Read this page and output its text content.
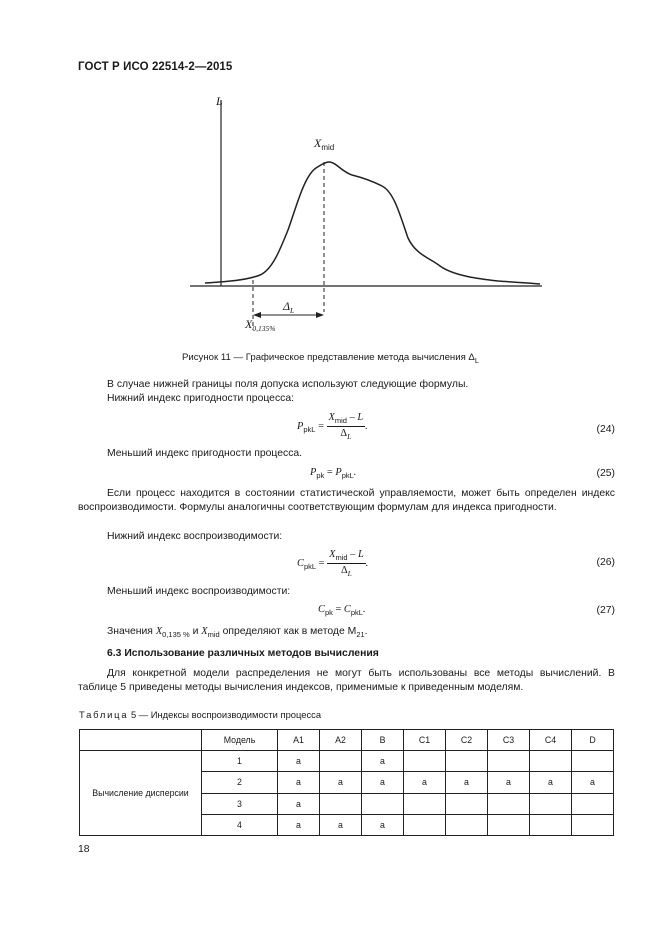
ГОСТ Р ИСО 22514-2—2015
L
$X_{mid}$
$\Delta_L$
$X_{0,135\%}$
Рисунок 11 — Графическое представление метода вычисления $\Delta_L$
В случае нижней границы поля допуска используют следующие формулы.
Нижний индекс пригодности процесса:
$P_{pkL} = \frac{X_{mid} - L}{\Delta_L}$ .	(24)
Меньший индекс пригодности процесса.
$P_{pk} = P_{pkL}$.	(25)
Если процесс находится в состоянии статистической управляемости, может быть определен индекс воспроизводимости. Формулы аналогичны соответствующим формулам для индекса пригодности.
Нижний индекс воспроизводимости:
$C_{pkL} = \frac{X_{mid} - L}{\Delta_L}$ .	(26)
Меньший индекс воспроизводимости:
$C_{pk} = C_{pkL}$.	(27)
Значения $X_{0,135 \%}$ и $X_{mid}$ определяют как в методе $M_{21}$.
6.3 Использование различных методов вычисления
Для конкретной модели распределения не могут быть использованы все методы вычислений. В таблице 5 приведены методы вычисления индексов, применимые к приведенным моделям.
Таблица 5 — Индексы воспроизводимости процесса
	Модель	A1	A2	B	C1	C2	C3	C4	D
Вычисление дисперсии	1	a		a					
	2	a	a	a	a	a	a	a	a
	3	a							
	4	a	a	a					
18
